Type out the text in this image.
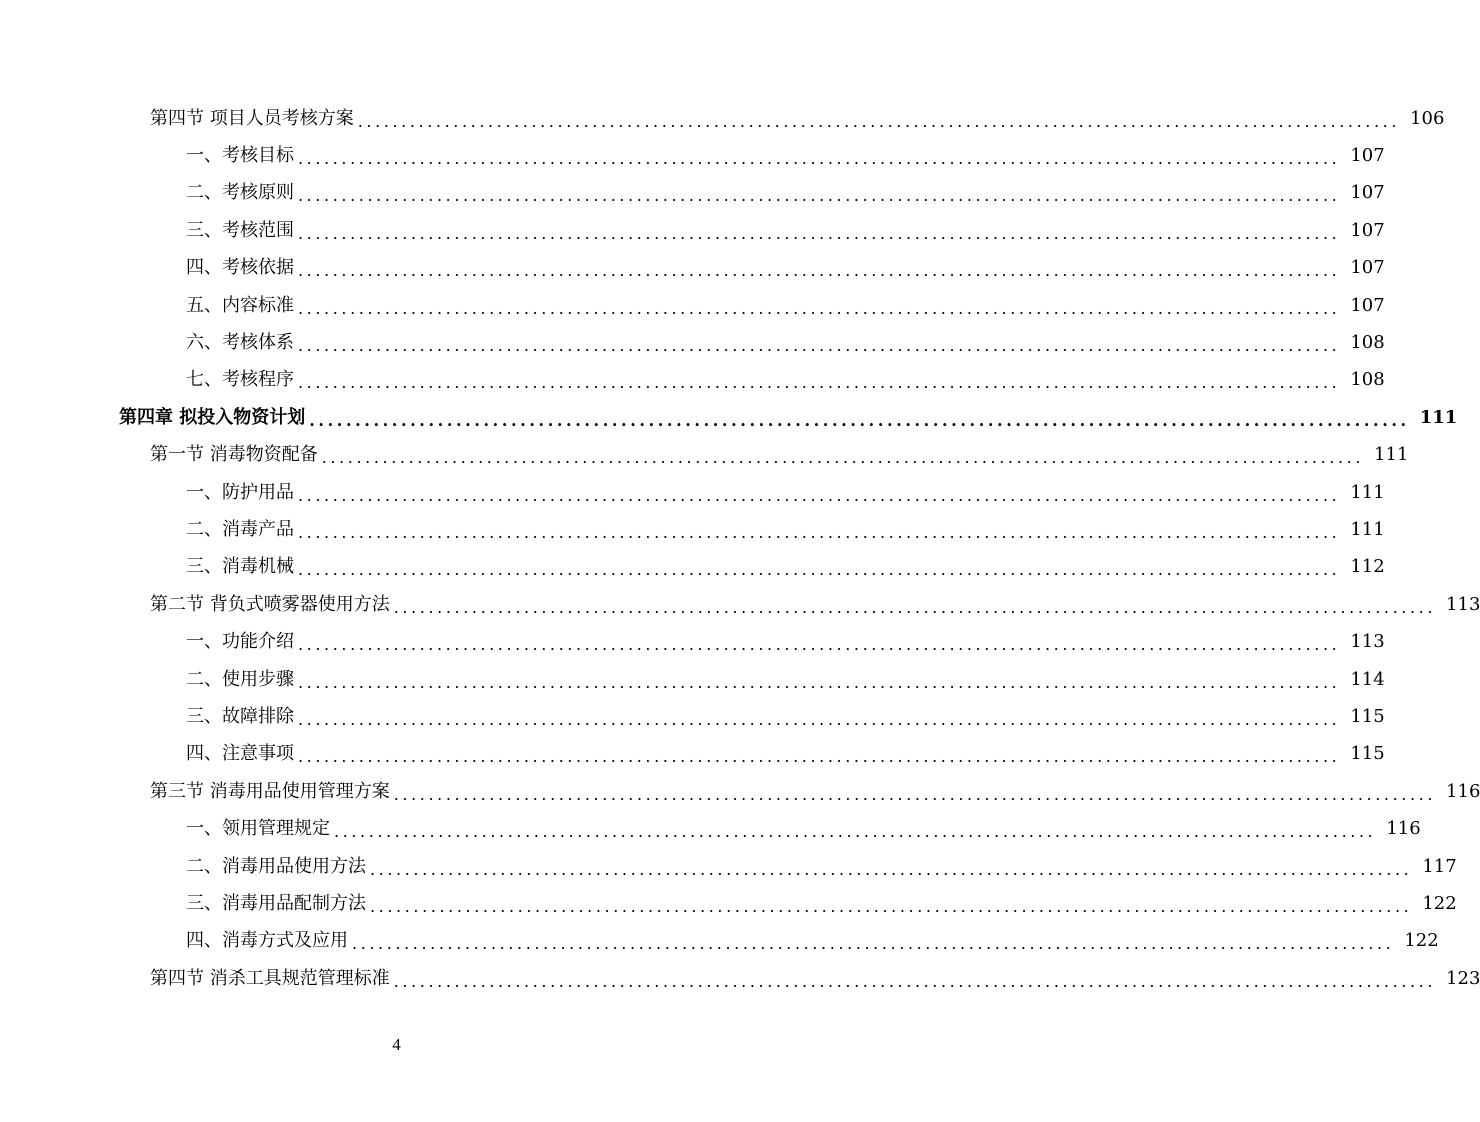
第四节 项目人员考核方案 ........................................................................................................................ 106
一、考核目标 ........................................................................................................................ 107
二、考核原则 ........................................................................................................................ 107
三、考核范围 ........................................................................................................................ 107
四、考核依据 ........................................................................................................................ 107
五、内容标准 ........................................................................................................................ 107
六、考核体系 ........................................................................................................................ 108
七、考核程序 ........................................................................................................................ 108
第四章 拟投入物资计划 ........................................................................................................................ 111
第一节 消毒物资配备 ........................................................................................................................ 111
一、防护用品 ........................................................................................................................ 111
二、消毒产品 ........................................................................................................................ 111
三、消毒机械 ........................................................................................................................ 112
第二节 背负式喷雾器使用方法 ........................................................................................................................ 113
一、功能介绍 ........................................................................................................................ 113
二、使用步骤 ........................................................................................................................ 114
三、故障排除 ........................................................................................................................ 115
四、注意事项 ........................................................................................................................ 115
第三节 消毒用品使用管理方案 ........................................................................................................................ 116
一、领用管理规定 ........................................................................................................................ 116
二、消毒用品使用方法 ........................................................................................................................ 117
三、消毒用品配制方法 ........................................................................................................................ 122
四、消毒方式及应用 ........................................................................................................................ 122
第四节 消杀工具规范管理标准 ........................................................................................................................ 123
4
